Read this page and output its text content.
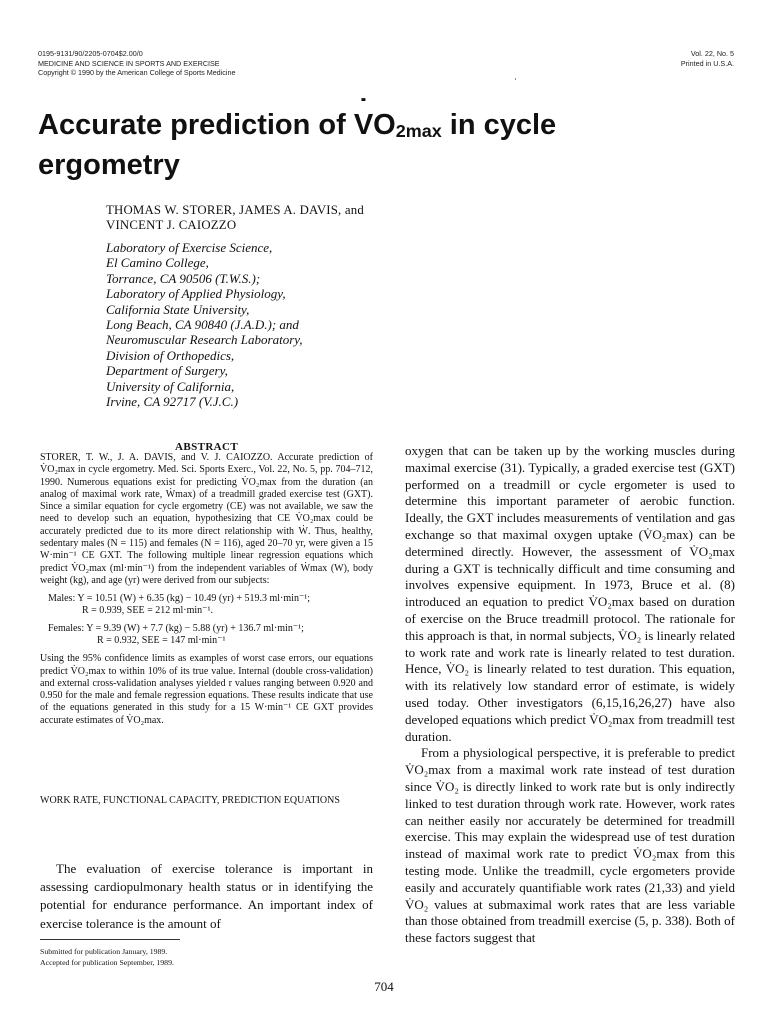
0195-9131/90/2205-0704$2.00/0
MEDICINE AND SCIENCE IN SPORTS AND EXERCISE
Copyright © 1990 by the American College of Sports Medicine
Vol. 22, No. 5
Printed in U.S.A.
Accurate prediction of ˙ VO2max in cycle
ergometry
THOMAS W. STORER, JAMES A. DAVIS, and
VINCENT J. CAIOZZO
Laboratory of Exercise Science,
El Camino College,
Torrance, CA 90506 (T.W.S.);
Laboratory of Applied Physiology,
California State University,
Long Beach, CA 90840 (J.A.D.); and
Neuromuscular Research Laboratory,
Division of Orthopedics,
Department of Surgery,
University of California,
Irvine, CA 92717 (V.J.C.)
ABSTRACT

STORER, T. W., J. A. DAVIS, and V. J. CAIOZZO. Accurate prediction of V̇O₂max in cycle ergometry. Med. Sci. Sports Exerc., Vol. 22, No. 5, pp. 704–712, 1990. Numerous equations exist for predicting V̇O₂max from the duration (an analog of maximal work rate, Ẇmax) of a treadmill graded exercise test (GXT). Since a similar equation for cycle ergometry (CE) was not available, we saw the need to develop such an equation, hypothesizing that CE V̇O₂max could be accurately predicted due to its more direct relationship with Ẇ. Thus, healthy, sedentary males (N = 115) and females (N = 116), aged 20–70 yr, were given a 15 W·min⁻¹ CE GXT. The following multiple linear regression equations which predict V̇O₂max (ml·min⁻¹) from the independent variables of Ẇmax (W), body weight (kg), and age (yr) were derived from our subjects:

Males: Y = 10.51 (W) + 6.35 (kg) − 10.49 (yr) + 519.3 ml·min⁻¹;
R = 0.939, SEE = 212 ml·min⁻¹.
Females: Y = 9.39 (W) + 7.7 (kg) − 5.88 (yr) + 136.7 ml·min⁻¹;
R = 0.932, SEE = 147 ml·min⁻¹

Using the 95% confidence limits as examples of worst case errors, our equations predict V̇O₂max to within 10% of its true value. Internal (double cross-validation) and external cross-validation analyses yielded r values ranging between 0.920 and 0.950 for the male and female regression equations. These results indicate that use of the equations generated in this study for a 15 W·min⁻¹ CE GXT provides accurate estimates of V̇O₂max.

WORK RATE, FUNCTIONAL CAPACITY, PREDICTION EQUATIONS

The evaluation of exercise tolerance is important in assessing cardiopulmonary health status or in identifying the potential for endurance performance. An important index of exercise tolerance is the amount of

Submitted for publication January, 1989.
Accepted for publication September, 1989.

oxygen that can be taken up by the working muscles during maximal exercise (31). Typically, a graded exercise test (GXT) performed on a treadmill or cycle ergometer is used to determine this important parameter of aerobic function. Ideally, the GXT includes measurements of ventilation and gas exchange so that maximal oxygen uptake (V̇O₂max) can be determined directly. However, the assessment of V̇O₂max during a GXT is technically difficult and time consuming and involves expensive equipment. In 1973, Bruce et al. (8) introduced an equation to predict V̇O₂max based on duration of exercise on the Bruce treadmill protocol. The rationale for this approach is that, in normal subjects, V̇O₂ is linearly related to work rate and work rate is linearly related to test duration. Hence, V̇O₂ is linearly related to test duration. This equation, with its relatively low standard error of estimate, is widely used today. Other investigators (6,15,16,26,27) have also developed equations which predict V̇O₂max from treadmill test duration.

From a physiological perspective, it is preferable to predict V̇O₂max from a maximal work rate instead of test duration since V̇O₂ is directly linked to work rate but is only indirectly linked to test duration through work rate. However, work rates can neither easily nor accurately be determined for treadmill exercise. This may explain the widespread use of test duration instead of maximal work rate to predict V̇O₂max from this testing mode. Unlike the treadmill, cycle ergometers provide easily and accurately quantifiable work rates (21,33) and yield V̇O₂ values at submaximal work rates that are less variable than those obtained from treadmill exercise (5, p. 338). Both of these factors suggest that

704
